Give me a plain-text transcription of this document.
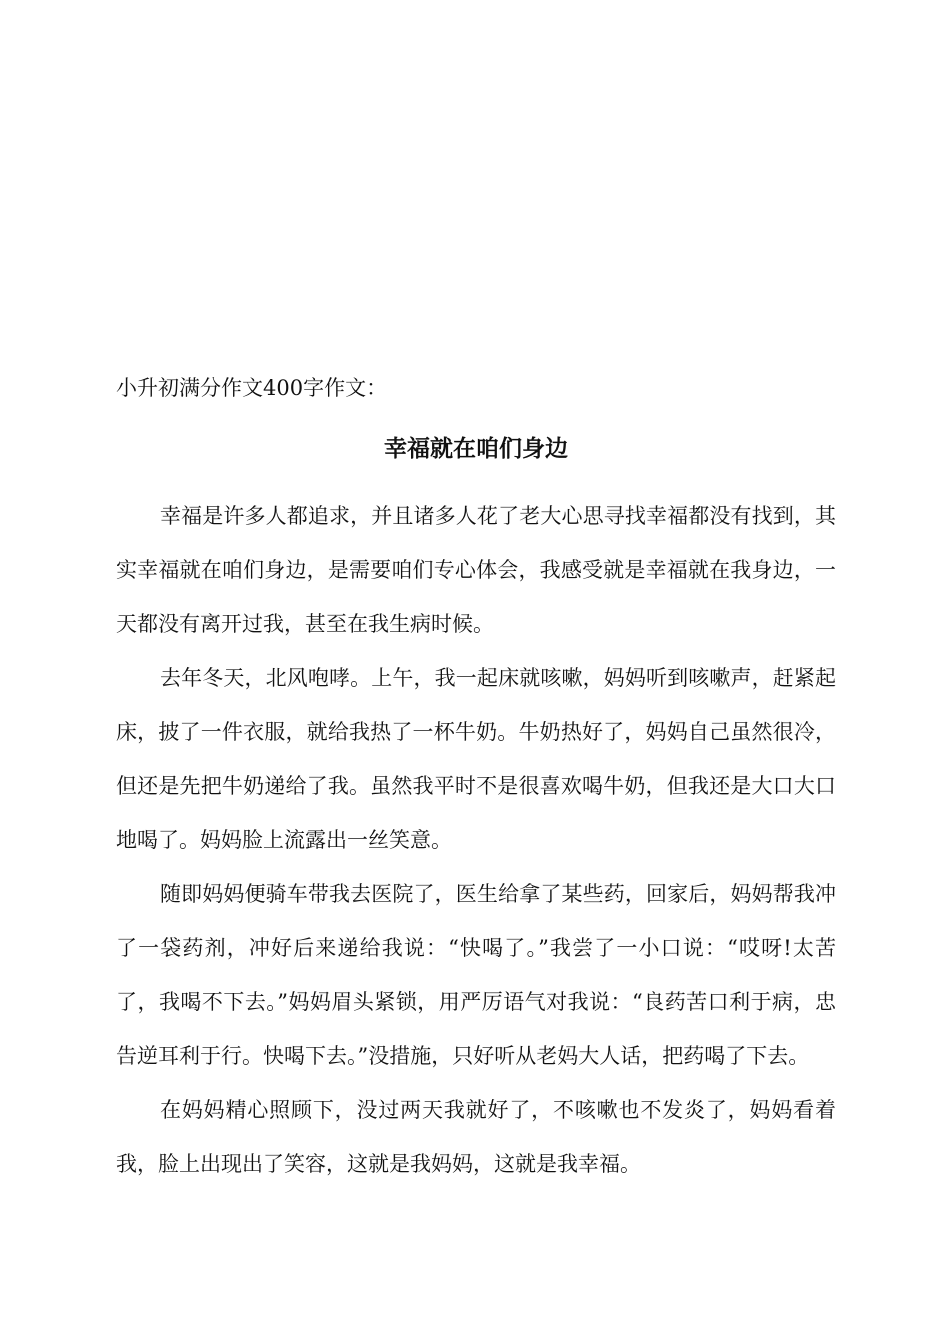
小升初满分作文400字作文：

幸福就在咱们身边

幸福是许多人都追求，并且诸多人花了老大心思寻找幸福都没有找到，其实幸福就在咱们身边，是需要咱们专心体会，我感受就是幸福就在我身边，一天都没有离开过我，甚至在我生病时候。

去年冬天，北风咆哮。上午，我一起床就咳嗽，妈妈听到咳嗽声，赶紧起床，披了一件衣服，就给我热了一杯牛奶。牛奶热好了，妈妈自己虽然很冷，但还是先把牛奶递给了我。虽然我平时不是很喜欢喝牛奶，但我还是大口大口地喝了。妈妈脸上流露出一丝笑意。

随即妈妈便骑车带我去医院了，医生给拿了某些药，回家后，妈妈帮我冲了一袋药剂，冲好后来递给我说：“快喝了。”我尝了一小口说：“哎呀!太苦了，我喝不下去。”妈妈眉头紧锁，用严厉语气对我说：“良药苦口利于病，忠告逆耳利于行。快喝下去。”没措施，只好听从老妈大人话，把药喝了下去。

在妈妈精心照顾下，没过两天我就好了，不咳嗽也不发炎了，妈妈看着我，脸上出现出了笑容，这就是我妈妈，这就是我幸福。
